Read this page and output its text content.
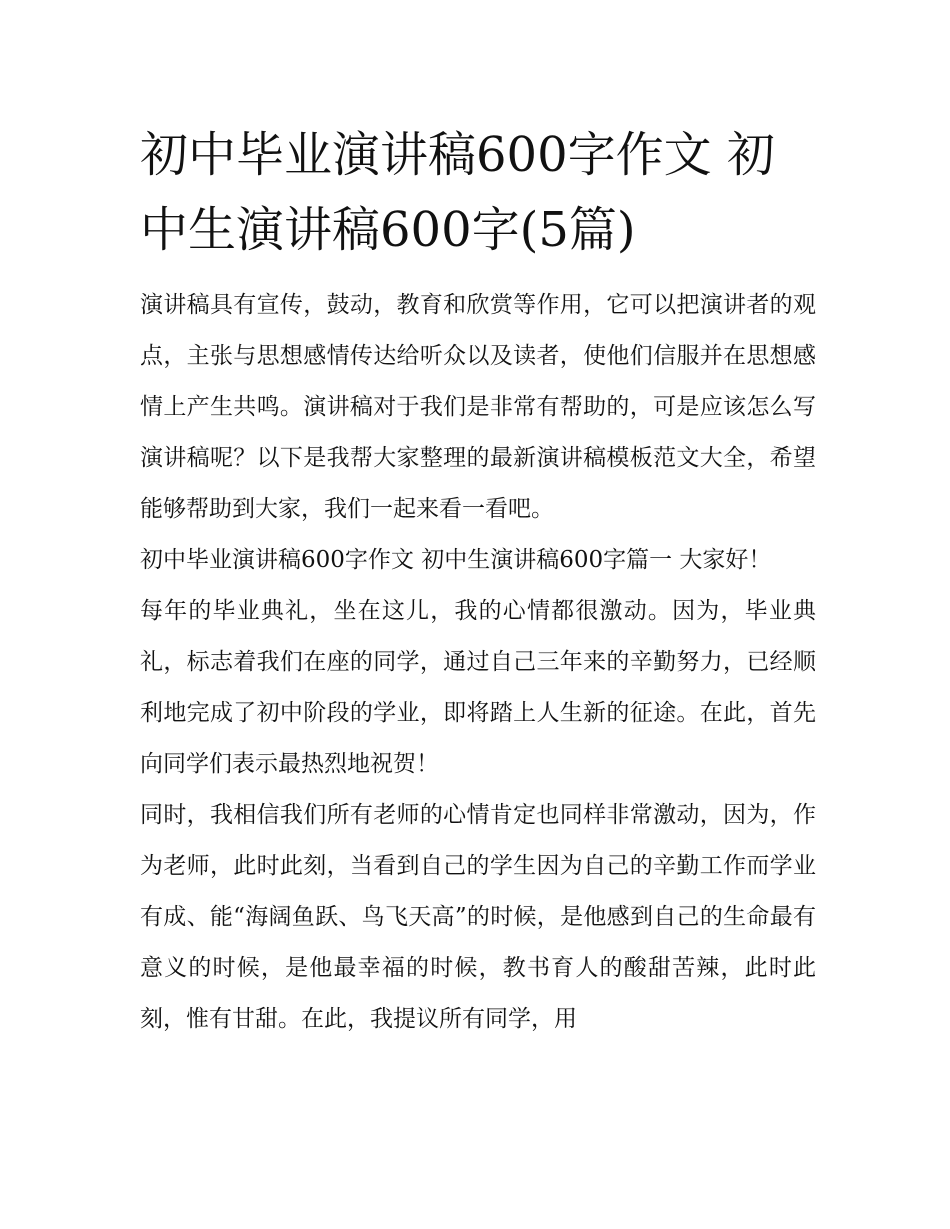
初中毕业演讲稿600字作文 初中生演讲稿600字(5篇)

演讲稿具有宣传，鼓动，教育和欣赏等作用，它可以把演讲者的观点，主张与思想感情传达给听众以及读者，使他们信服并在思想感情上产生共鸣。演讲稿对于我们是非常有帮助的，可是应该怎么写演讲稿呢？以下是我帮大家整理的最新演讲稿模板范文大全，希望能够帮助到大家，我们一起来看一看吧。

初中毕业演讲稿600字作文 初中生演讲稿600字篇一 大家好！

每年的毕业典礼，坐在这儿，我的心情都很激动。因为，毕业典礼，标志着我们在座的同学，通过自己三年来的辛勤努力，已经顺利地完成了初中阶段的学业，即将踏上人生新的征途。在此，首先向同学们表示最热烈地祝贺！

同时，我相信我们所有老师的心情肯定也同样非常激动，因为，作为老师，此时此刻，当看到自己的学生因为自己的辛勤工作而学业有成、能“海阔鱼跃、鸟飞天高”的时候，是他感到自己的生命最有意义的时候，是他最幸福的时候，教书育人的酸甜苦辣，此时此刻，惟有甘甜。在此，我提议所有同学，用
